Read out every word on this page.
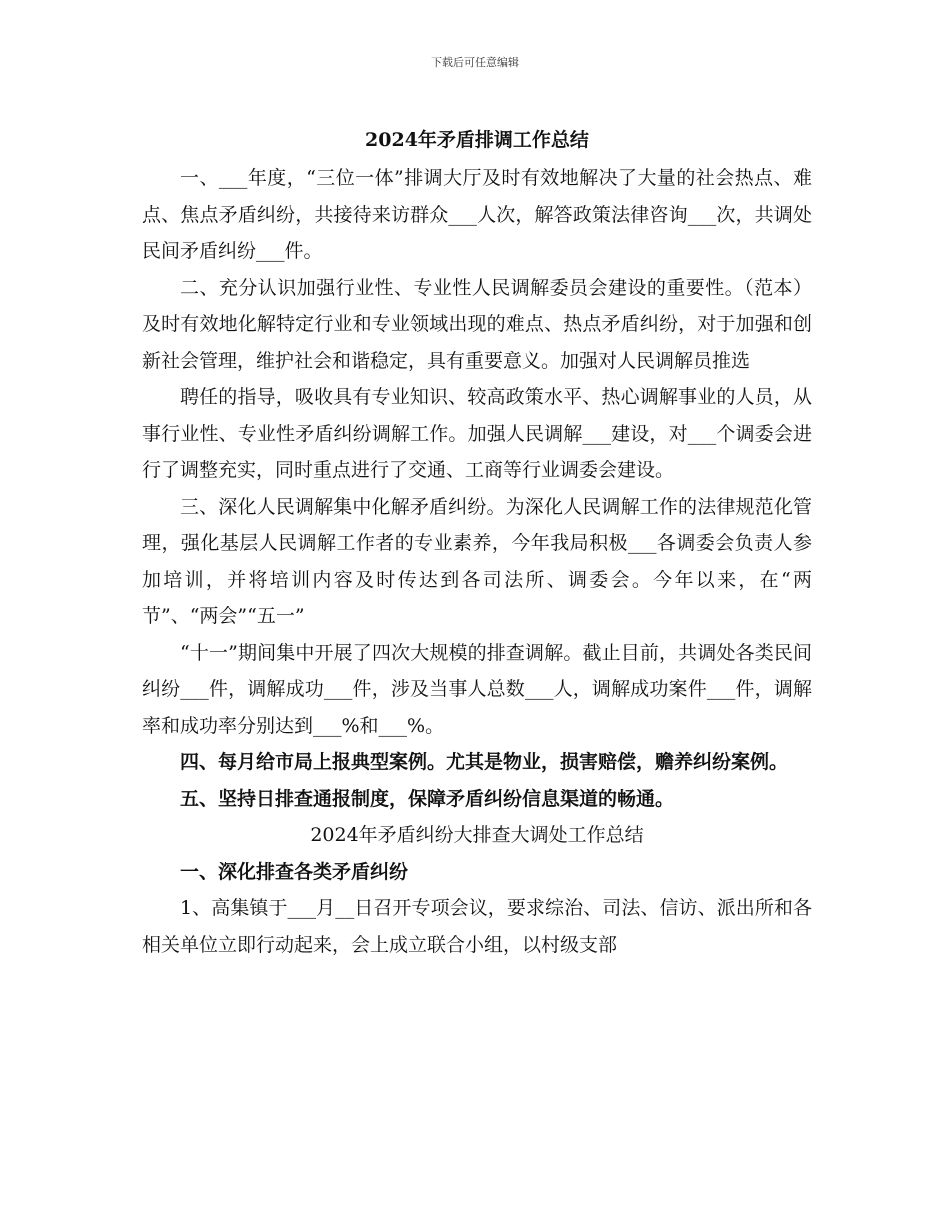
下载后可任意编辑
2024年矛盾排调工作总结

一、___年度，“三位一体”排调大厅及时有效地解决了大量的社会热点、难点、焦点矛盾纠纷，共接待来访群众___人次，解答政策法律咨询___次，共调处民间矛盾纠纷___件。

二、充分认识加强行业性、专业性人民调解委员会建设的重要性。（范本）及时有效地化解特定行业和专业领域出现的难点、热点矛盾纠纷，对于加强和创新社会管理，维护社会和谐稳定，具有重要意义。加强对人民调解员推选

聘任的指导，吸收具有专业知识、较高政策水平、热心调解事业的人员，从事行业性、专业性矛盾纠纷调解工作。加强人民调解___建设，对___个调委会进行了调整充实，同时重点进行了交通、工商等行业调委会建设。

三、深化人民调解集中化解矛盾纠纷。为深化人民调解工作的法律规范化管理，强化基层人民调解工作者的专业素养，今年我局积极___各调委会负责人参加培训，并将培训内容及时传达到各司法所、调委会。今年以来，在“两节”、“两会”“五一”

“十一”期间集中开展了四次大规模的排查调解。截止目前，共调处各类民间纠纷___件，调解成功___件，涉及当事人总数___人，调解成功案件___件，调解率和成功率分别达到___%和___%。

四、每月给市局上报典型案例。尤其是物业，损害赔偿，赡养纠纷案例。

五、坚持日排查通报制度，保障矛盾纠纷信息渠道的畅通。

2024年矛盾纠纷大排查大调处工作总结

一、深化排查各类矛盾纠纷

1、高集镇于___月__日召开专项会议，要求综治、司法、信访、派出所和各相关单位立即行动起来，会上成立联合小组，以村级支部
